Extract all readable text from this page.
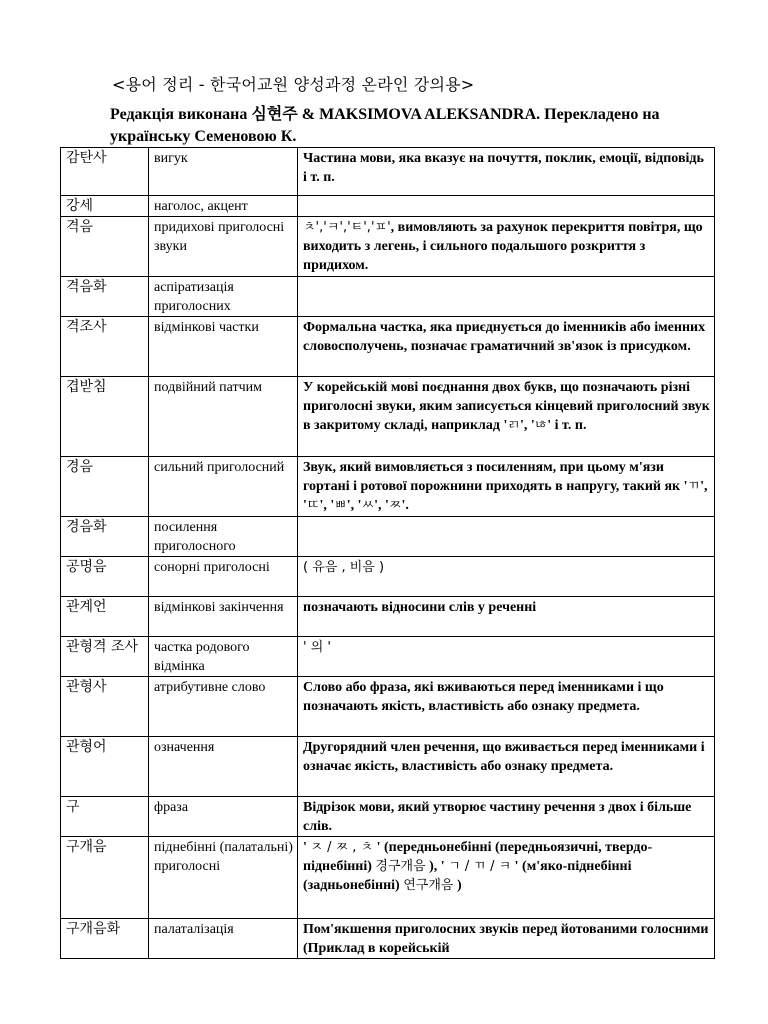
<용어 정리 - 한국어교원 양성과정 온라인 강의용>
Редакція виконана 심현주 & MAKSIMOVA ALEKSANDRA. Перекладено на українську Семеновою К.
감탄사	вигук	Частина мови, яка вказує на почуття, поклик, емоції, відповідь і т. п.
강세	наголос, акцент	
격음	придихові приголосні звуки	ㅊ','ㅋ','ㅌ','ㅍ', вимовляють за рахунок перекриття повітря, що виходить з легень, і сильного подальшого розкриття з придихом.
격음화	аспіратизація приголосних	
격조사	відмінкові частки	Формальна частка, яка приєднується до іменників або іменних словосполучень, позначає граматичний зв'язок із присудком.
겹받침	подвійний патчим	У корейській мові поєднання двох букв, що позначають різні приголосні звуки, яким записується кінцевий приголосний звук в закритому складі, наприклад 'ㄺ', 'ㄶ' і т. п.
경음	сильний приголосний	Звук, який вимовляється з посиленням, при цьому м'язи гортані і ротової порожнини приходять в напругу, такий як 'ㄲ', 'ㄸ', 'ㅃ', 'ㅆ', 'ㅉ'.
경음화	посилення приголосного	
공명음	сонорні приголосні	( 유음 , 비음 )
관계언	відмінкові закінчення	позначають відносини слів у реченні
관형격 조사	частка родового відмінка	' 의 '
관형사	атрибутивне слово	Слово або фраза, які вживаються перед іменниками і що позначають якість, властивість або ознаку предмета.
관형어	означення	Другорядний член речення, що вживається перед іменниками і означає якість, властивість або ознаку предмета.
구	фраза	Відрізок мови, який утворює частину речення з двох і більше слів.
구개음	піднебінні (палатальні) приголосні	' ㅈ / ㅉ , ㅊ ' (передньонебінні (передньоязичні, твердо-піднебінні) 경구개음 ), ' ㄱ / ㄲ / ㅋ ' (м'яко-піднебінні (задньонебінні) 연구개음 )
구개음화	палаталізація	Пом'якшення приголосних звуків перед йотованими голосними (Приклад в корейській
